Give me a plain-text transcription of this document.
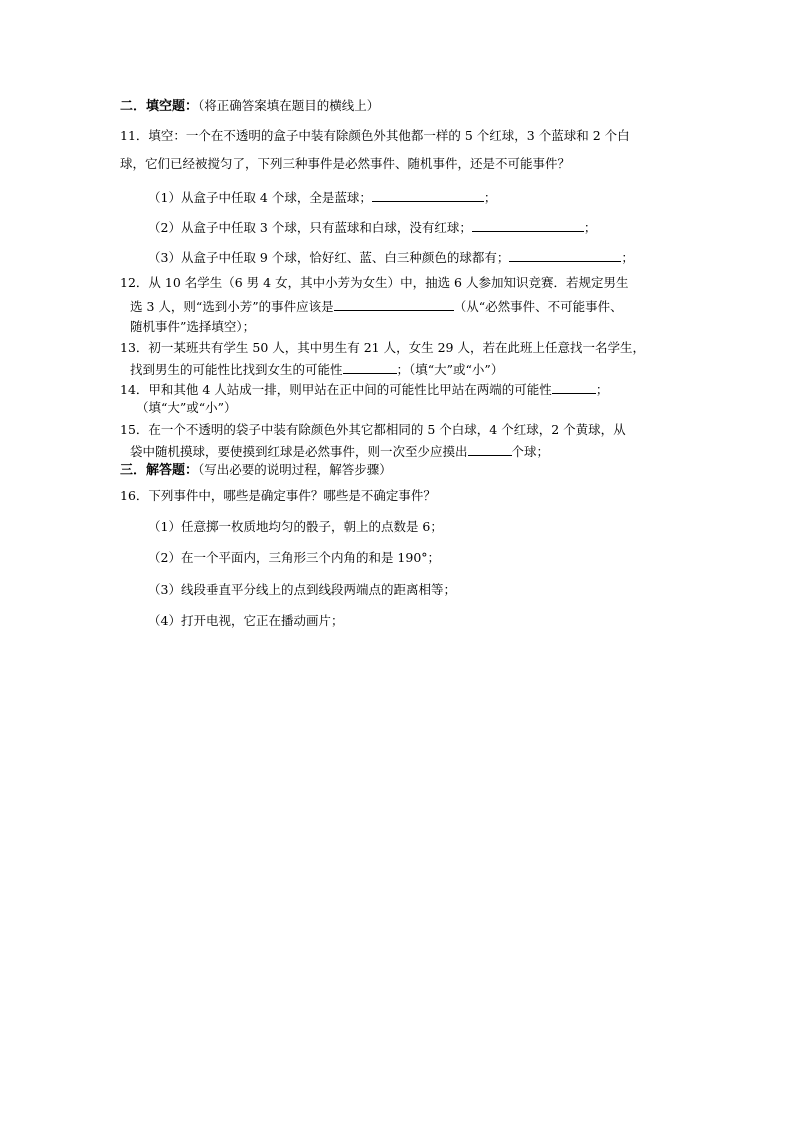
二．填空题：（将正确答案填在题目的横线上）
11．填空：一个在不透明的盒子中装有除颜色外其他都一样的 5 个红球，3 个蓝球和 2 个白
球，它们已经被搅匀了，下列三种事件是必然事件、随机事件，还是不可能事件？
（1）从盒子中任取 4 个球，全是蓝球；	；
（2）从盒子中任取 3 个球，只有蓝球和白球，没有红球；	；
（3）从盒子中任取 9 个球，恰好红、蓝、白三种颜色的球都有；	；
12．从 10 名学生（6 男 4 女，其中小芳为女生）中，抽选 6 人参加知识竞赛．若规定男生
选 3 人，则“选到小芳”的事件应该是	（从“必然事件、不可能事件、
随机事件”选择填空）；
13．初一某班共有学生 50 人，其中男生有 21 人，女生 29 人，若在此班上任意找一名学生，
找到男生的可能性比找到女生的可能性	；（填“大”或“小”）
14．甲和其他 4 人站成一排，则甲站在正中间的可能性比甲站在两端的可能性	；
（填“大”或“小”）
15．在一个不透明的袋子中装有除颜色外其它都相同的 5 个白球，4 个红球，2 个黄球，从
袋中随机摸球，要使摸到红球是必然事件，则一次至少应摸出	个球；
三．解答题：（写出必要的说明过程，解答步骤）
16．下列事件中，哪些是确定事件？哪些是不确定事件？
（1）任意掷一枚质地均匀的骰子，朝上的点数是 6；
（2）在一个平面内，三角形三个内角的和是 190°；
（3）线段垂直平分线上的点到线段两端点的距离相等；
（4）打开电视，它正在播动画片；
